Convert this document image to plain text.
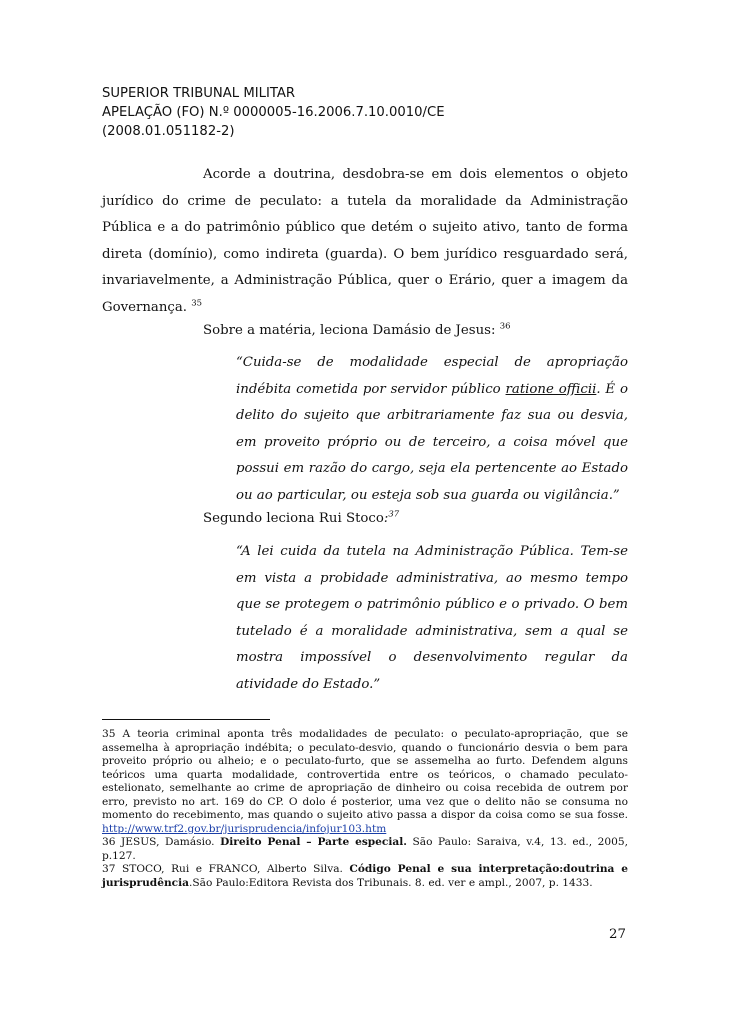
SUPERIOR TRIBUNAL MILITAR
APELAÇÃO (FO) N.º 0000005-16.2006.7.10.0010/CE
(2008.01.051182-2)
Acorde a doutrina, desdobra-se em dois elementos o objeto jurídico do crime de peculato: a tutela da moralidade da Administração Pública e a do patrimônio público que detém o sujeito ativo, tanto de forma direta (domínio), como indireta (guarda). O bem jurídico resguardado será, invariavelmente, a Administração Pública, quer o Erário, quer a imagem da Governança. $^{35}$
Sobre a matéria, leciona Damásio de Jesus: $^{36}$
“Cuida-se de modalidade especial de apropriação indébita cometida por servidor público ratione officii. É o delito do sujeito que arbitrariamente faz sua ou desvia, em proveito próprio ou de terceiro, a coisa móvel que possui em razão do cargo, seja ela pertencente ao Estado ou ao particular, ou esteja sob sua guarda ou vigilância.”
Segundo leciona Rui Stoco:$^{37}$
“A lei cuida da tutela na Administração Pública. Tem-se em vista a probidade administrativa, ao mesmo tempo que se protegem o patrimônio público e o privado. O bem tutelado é a moralidade administrativa, sem a qual se mostra impossível o desenvolvimento regular da atividade do Estado.”

35 A teoria criminal aponta três modalidades de peculato: o peculato-apropriação, que se assemelha à apropriação indébita; o peculato-desvio, quando o funcionário desvia o bem para proveito próprio ou alheio; e o peculato-furto, que se assemelha ao furto. Defendem alguns teóricos uma quarta modalidade, controvertida entre os teóricos, o chamado peculato-estelionato, semelhante ao crime de apropriação de dinheiro ou coisa recebida de outrem por erro, previsto no art. 169 do CP. O dolo é posterior, uma vez que o delito não se consuma no momento do recebimento, mas quando o sujeito ativo passa a dispor da coisa como se sua fosse. http://www.trf2.gov.br/jurisprudencia/infojur103.htm

36 JESUS, Damásio. Direito Penal – Parte especial. São Paulo: Saraiva, v.4, 13. ed., 2005, p.127.

37 STOCO, Rui e FRANCO, Alberto Silva. Código Penal e sua interpretação:doutrina e jurisprudência.São Paulo:Editora Revista dos Tribunais. 8. ed. ver e ampl., 2007, p. 1433.

27
